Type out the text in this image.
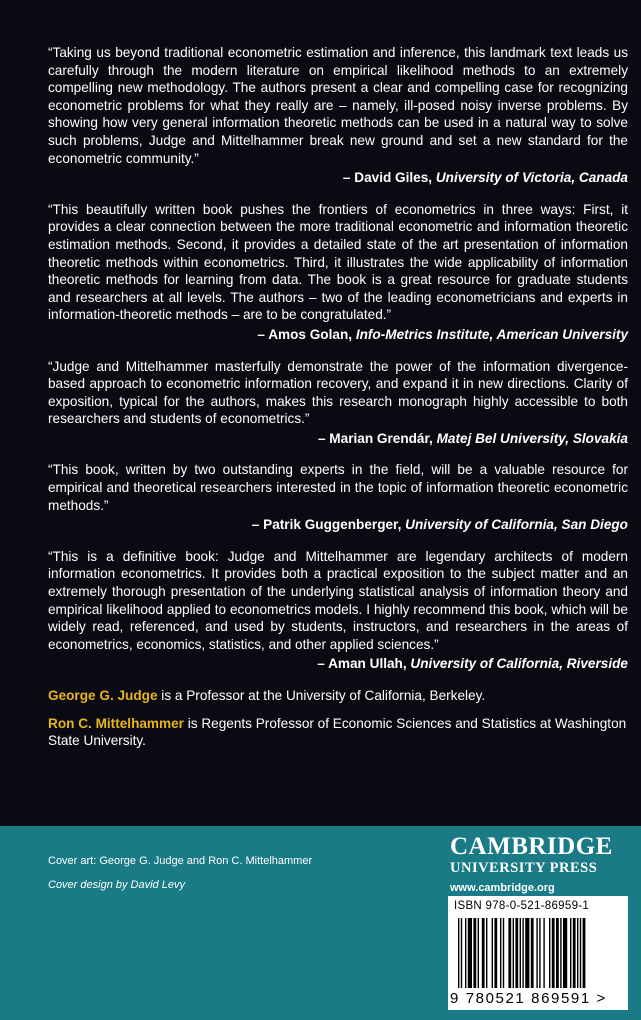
“Taking us beyond traditional econometric estimation and inference, this landmark text leads us carefully through the modern literature on empirical likelihood methods to an extremely compelling new methodology. The authors present a clear and compelling case for recognizing econometric problems for what they really are – namely, ill-posed noisy inverse problems. By showing how very general information theoretic methods can be used in a natural way to solve such problems, Judge and Mittelhammer break new ground and set a new standard for the econometric community.”

– David Giles, University of Victoria, Canada

“This beautifully written book pushes the frontiers of econometrics in three ways: First, it provides a clear connection between the more traditional econometric and information theoretic estimation methods. Second, it provides a detailed state of the art presentation of information theoretic methods within econometrics. Third, it illustrates the wide applicability of information theoretic methods for learning from data. The book is a great resource for graduate students and researchers at all levels. The authors – two of the leading econometricians and experts in information-theoretic methods – are to be congratulated.”

– Amos Golan, Info-Metrics Institute, American University

“Judge and Mittelhammer masterfully demonstrate the power of the information divergence-based approach to econometric information recovery, and expand it in new directions. Clarity of exposition, typical for the authors, makes this research monograph highly accessible to both researchers and students of econometrics.”

– Marian Grendár, Matej Bel University, Slovakia

“This book, written by two outstanding experts in the field, will be a valuable resource for empirical and theoretical researchers interested in the topic of information theoretic econometric methods.”

– Patrik Guggenberger, University of California, San Diego

“This is a definitive book: Judge and Mittelhammer are legendary architects of modern information econometrics. It provides both a practical exposition to the subject matter and an extremely thorough presentation of the underlying statistical analysis of information theory and empirical likelihood applied to econometrics models. I highly recommend this book, which will be widely read, referenced, and used by students, instructors, and researchers in the areas of econometrics, economics, statistics, and other applied sciences.”

– Aman Ullah, University of California, Riverside

George G. Judge is a Professor at the University of California, Berkeley.

Ron C. Mittelhammer is Regents Professor of Economic Sciences and Statistics at Washington State University.

Cover art: George G. Judge and Ron C. Mittelhammer
Cover design by David Levy
CAMBRIDGE
UNIVERSITY PRESS
www.cambridge.org
ISBN 978-0-521-86959-1
9 780521 869591 >
